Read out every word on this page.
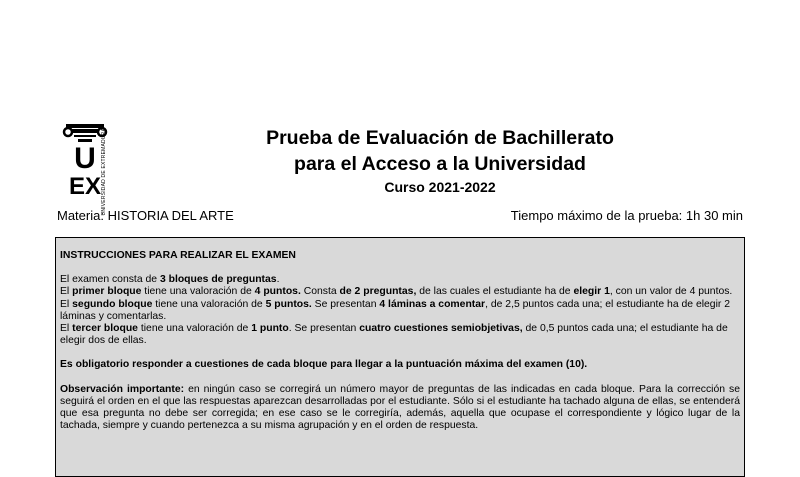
U
EX UNIVERSIDAD DE EXTREMADURA	Prueba de Evaluación de Bachillerato
para el Acceso a la Universidad
Curso 2021-2022
Materia: HISTORIA DEL ARTE	Tiempo máximo de la prueba: 1h 30 min

INSTRUCCIONES PARA REALIZAR EL EXAMEN

El examen consta de 3 bloques de preguntas.

El primer bloque tiene una valoración de 4 puntos. Consta de 2 preguntas, de las cuales el estudiante ha de elegir 1, con un valor de 4 puntos.

El segundo bloque tiene una valoración de 5 puntos. Se presentan 4 láminas a comentar, de 2,5 puntos cada una; el estudiante ha de elegir 2 láminas y comentarlas.

El tercer bloque tiene una valoración de 1 punto. Se presentan cuatro cuestiones semiobjetivas, de 0,5 puntos cada una; el estudiante ha de elegir dos de ellas.

Es obligatorio responder a cuestiones de cada bloque para llegar a la puntuación máxima del examen (10).

Observación importante: en ningún caso se corregirá un número mayor de preguntas de las indicadas en cada bloque. Para la corrección se seguirá el orden en el que las respuestas aparezcan desarrolladas por el estudiante. Sólo si el estudiante ha tachado alguna de ellas, se entenderá que esa pregunta no debe ser corregida; en ese caso se le corregiría, además, aquella que ocupase el correspondiente y lógico lugar de la tachada, siempre y cuando pertenezca a su misma agrupación y en el orden de respuesta.
